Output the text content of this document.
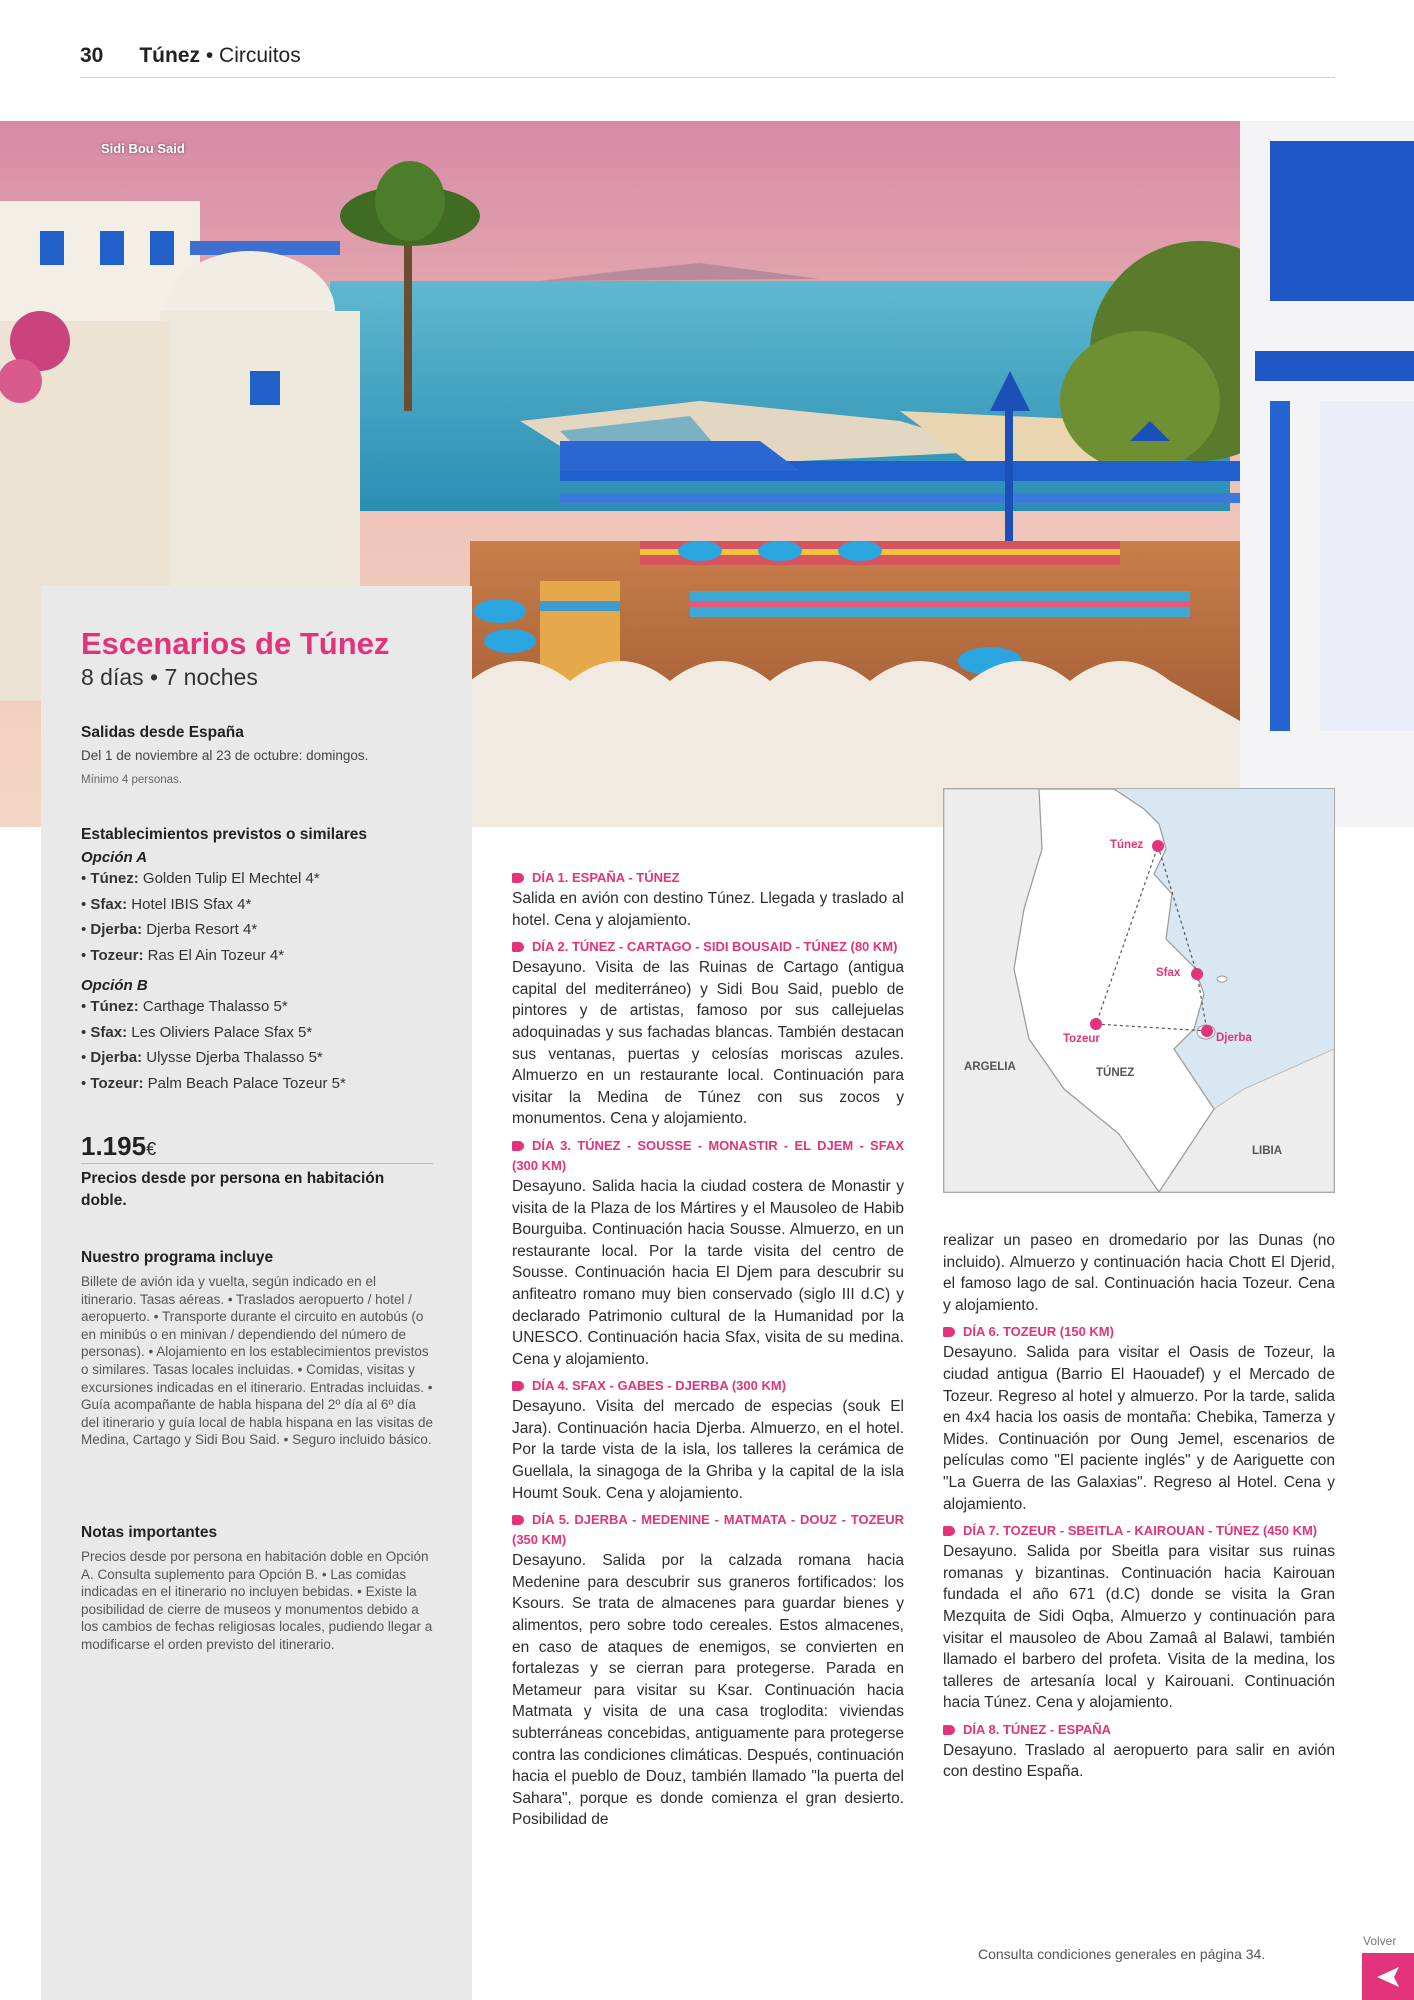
30 Túnez • Circuitos
Sidi Bou Said
Escenarios de Túnez
8 días • 7 noches
Salidas desde España
Del 1 de noviembre al 23 de octubre: domingos.
Mínimo 4 personas.
Establecimientos previstos o similares
Opción A
• Túnez: Golden Tulip El Mechtel 4*
• Sfax: Hotel IBIS Sfax 4*
• Djerba: Djerba Resort 4*
• Tozeur: Ras El Ain Tozeur 4*
Opción B
• Túnez: Carthage Thalasso 5*
• Sfax: Les Oliviers Palace Sfax 5*
• Djerba: Ulysse Djerba Thalasso 5*
• Tozeur: Palm Beach Palace Tozeur 5*
1.195€
Precios desde por persona en habitación doble.
Nuestro programa incluye
Billete de avión ida y vuelta, según indicado en el itinerario. Tasas aéreas. • Traslados aeropuerto / hotel / aeropuerto. • Transporte durante el circuito en autobús (o en minibús o en minivan / dependiendo del número de personas). • Alojamiento en los establecimientos previstos o similares. Tasas locales incluidas. • Comidas, visitas y excursiones indicadas en el itinerario. Entradas incluidas. • Guía acompañante de habla hispana del 2º día al 6º día del itinerario y guía local de habla hispana en las visitas de Medina, Cartago y Sidi Bou Said. • Seguro incluido básico.
Notas importantes
Precios desde por persona en habitación doble en Opción A. Consulta suplemento para Opción B. • Las comidas indicadas en el itinerario no incluyen bebidas. • Existe la posibilidad de cierre de museos y monumentos debido a los cambios de fechas religiosas locales, pudiendo llegar a modificarse el orden previsto del itinerario.
DÍA 1. ESPAÑA - TÚNEZ
Salida en avión con destino Túnez. Llegada y traslado al hotel. Cena y alojamiento.
DÍA 2. TÚNEZ - CARTAGO - SIDI BOUSAID - TÚNEZ (80 KM)
Desayuno. Visita de las Ruinas de Cartago (antigua capital del mediterráneo) y Sidi Bou Said, pueblo de pintores y de artistas, famoso por sus callejuelas adoquinadas y sus fachadas blancas. También destacan sus ventanas, puertas y celosías moriscas azules. Almuerzo en un restaurante local. Continuación para visitar la Medina de Túnez con sus zocos y monumentos. Cena y alojamiento.
DÍA 3. TÚNEZ - SOUSSE - MONASTIR - EL DJEM - SFAX (300 KM)
Desayuno. Salida hacia la ciudad costera de Monastir y visita de la Plaza de los Mártires y el Mausoleo de Habib Bourguiba. Continuación hacia Sousse. Almuerzo, en un restaurante local. Por la tarde visita del centro de Sousse. Continuación hacia El Djem para descubrir su anfiteatro romano muy bien conservado (siglo III d.C) y declarado Patrimonio cultural de la Humanidad por la UNESCO. Continuación hacia Sfax, visita de su medina. Cena y alojamiento.
DÍA 4. SFAX - GABES - DJERBA (300 KM)
Desayuno. Visita del mercado de especias (souk El Jara). Continuación hacia Djerba. Almuerzo, en el hotel. Por la tarde vista de la isla, los talleres la cerámica de Guellala, la sinagoga de la Ghriba y la capital de la isla Houmt Souk. Cena y alojamiento.
DÍA 5. DJERBA - MEDENINE - MATMATA - DOUZ - TOZEUR (350 KM)
Desayuno. Salida por la calzada romana hacia Medenine para descubrir sus graneros fortificados: los Ksours. Se trata de almacenes para guardar bienes y alimentos, pero sobre todo cereales. Estos almacenes, en caso de ataques de enemigos, se convierten en fortalezas y se cierran para protegerse. Parada en Metameur para visitar su Ksar. Continuación hacia Matmata y visita de una casa troglodita: viviendas subterráneas concebidas, antiguamente para protegerse contra las condiciones climáticas. Después, continuación hacia el pueblo de Douz, también llamado "la puerta del Sahara", porque es donde comienza el gran desierto. Posibilidad de
Túnez
Sfax
Tozeur	Djerba
ARGELIA	TÚNEZ
LIBIA
realizar un paseo en dromedario por las Dunas (no incluido). Almuerzo y continuación hacia Chott El Djerid, el famoso lago de sal. Continuación hacia Tozeur. Cena y alojamiento.
DÍA 6. TOZEUR (150 KM)
Desayuno. Salida para visitar el Oasis de Tozeur, la ciudad antigua (Barrio El Haouadef) y el Mercado de Tozeur. Regreso al hotel y almuerzo. Por la tarde, salida en 4x4 hacia los oasis de montaña: Chebika, Tamerza y Mides. Continuación por Oung Jemel, escenarios de películas como "El paciente inglés" y de Aariguette con "La Guerra de las Galaxias". Regreso al Hotel. Cena y alojamiento.
DÍA 7. TOZEUR - SBEITLA - KAIROUAN - TÚNEZ (450 KM)
Desayuno. Salida por Sbeitla para visitar sus ruinas romanas y bizantinas. Continuación hacia Kairouan fundada el año 671 (d.C) donde se visita la Gran Mezquita de Sidi Oqba, Almuerzo y continuación para visitar el mausoleo de Abou Zamaâ al Balawi, también llamado el barbero del profeta. Visita de la medina, los talleres de artesanía local y Kairouani. Continuación hacia Túnez. Cena y alojamiento.
DÍA 8. TÚNEZ - ESPAÑA
Desayuno. Traslado al aeropuerto para salir en avión con destino España.
Consulta condiciones generales en página 34.
Volver
